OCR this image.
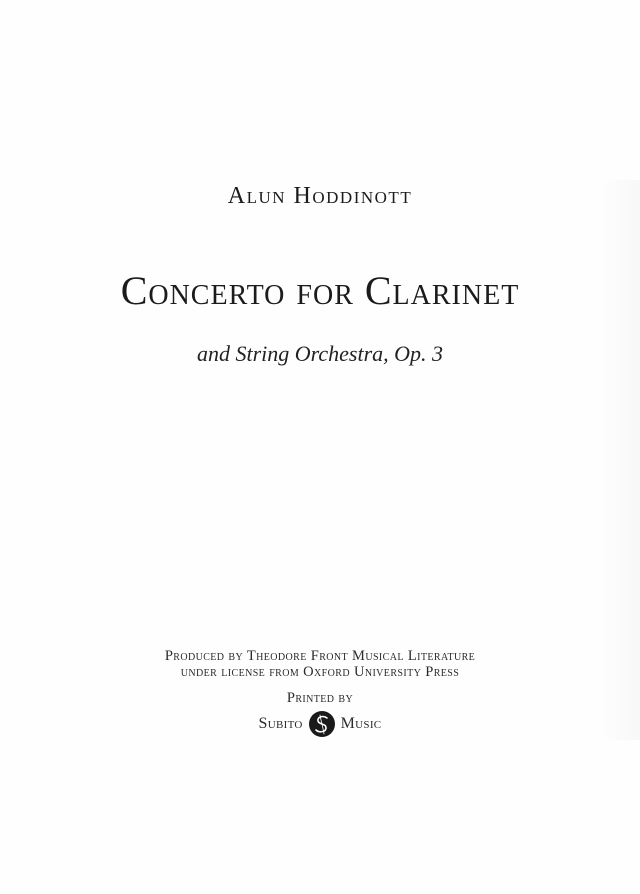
Alun Hoddinott
Concerto for Clarinet
and String Orchestra, Op. 3
Produced by Theodore Front Musical Literature
under license from Oxford University Press
Printed by
Subito Music
